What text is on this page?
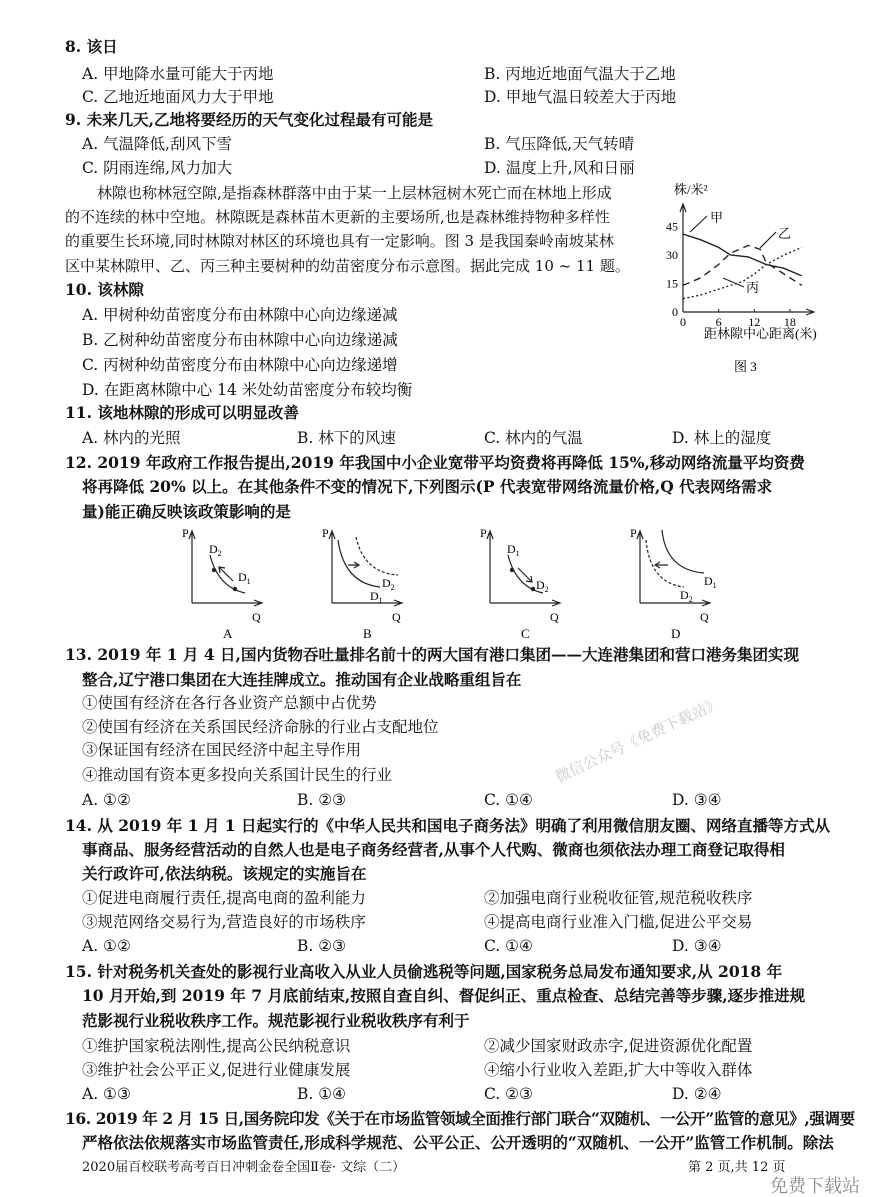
8. 该日
A. 甲地降水量可能大于丙地	B. 丙地近地面气温大于乙地
C. 乙地近地面风力大于甲地	D. 甲地气温日较差大于丙地
9. 未来几天,乙地将要经历的天气变化过程最有可能是
A. 气温降低,刮风下雪	B. 气压降低,天气转晴
C. 阴雨连绵,风力加大	D. 温度上升,风和日丽
林隙也称林冠空隙,是指森林群落中由于某一上层林冠树木死亡而在林地上形成
的不连续的林中空地。林隙既是森林苗木更新的主要场所,也是森林维持物种多样性
的重要生长环境,同时林隙对林区的环境也具有一定影响。图 3 是我国秦岭南坡某林
区中某林隙甲、乙、丙三种主要树种的幼苗密度分布示意图。据此完成 10 ~ 11 题。
株/米²
0
15
30
45
0 6 12 18
甲
乙
丙
距林隙中心距离(米)
图 3
10. 该林隙
A. 甲树种幼苗密度分布由林隙中心向边缘递减
B. 乙树种幼苗密度分布由林隙中心向边缘递减
C. 丙树种幼苗密度分布由林隙中心向边缘递增
D. 在距离林隙中心 14 米处幼苗密度分布较均衡
11. 该地林隙的形成可以明显改善
A. 林内的光照	B. 林下的风速	C. 林内的气温	D. 林上的湿度
12. 2019 年政府工作报告提出,2019 年我国中小企业宽带平均资费将再降低 15%,移动网络流量平均资费
将再降低 20% 以上。在其他条件不变的情况下,下列图示(P 代表宽带网络流量价格,Q 代表网络需求
量)能正确反映该政策影响的是
P
Q
A
$D_2$
$D_1$
P
Q
B
$D_2$
$D_1$
P
Q
C
$D_1$
$D_2$
P
Q
D
$D_1$
$D_2$
13. 2019 年 1 月 4 日,国内货物吞吐量排名前十的两大国有港口集团——大连港集团和营口港务集团实现
整合,辽宁港口集团在大连挂牌成立。推动国有企业战略重组旨在
①使国有经济在各行各业资产总额中占优势
②使国有经济在关系国民经济命脉的行业占支配地位
③保证国有经济在国民经济中起主导作用
④推动国有资本更多投向关系国计民生的行业
A. ①②	B. ②③	C. ①④	D. ③④
14. 从 2019 年 1 月 1 日起实行的《中华人民共和国电子商务法》明确了利用微信朋友圈、网络直播等方式从
事商品、服务经营活动的自然人也是电子商务经营者,从事个人代购、微商也须依法办理工商登记取得相
关行政许可,依法纳税。该规定的实施旨在
①促进电商履行责任,提高电商的盈利能力	②加强电商行业税收征管,规范税收秩序
③规范网络交易行为,营造良好的市场秩序	④提高电商行业准入门槛,促进公平交易
A. ①②	B. ②③	C. ①④	D. ③④
15. 针对税务机关查处的影视行业高收入从业人员偷逃税等问题,国家税务总局发布通知要求,从 2018 年
10 月开始,到 2019 年 7 月底前结束,按照自查自纠、督促纠正、重点检查、总结完善等步骤,逐步推进规
范影视行业税收秩序工作。规范影视行业税收秩序有利于
①维护国家税法刚性,提高公民纳税意识	②减少国家财政赤字,促进资源优化配置
③维护社会公平正义,促进行业健康发展	④缩小行业收入差距,扩大中等收入群体
A. ①③	B. ①④	C. ②③	D. ②④
16. 2019 年 2 月 15 日,国务院印发《关于在市场监管领域全面推行部门联合“双随机、一公开”监管的意见》,强调要
严格依法依规落实市场监管责任,形成科学规范、公平公正、公开透明的“双随机、一公开”监管工作机制。除法
微信公众号《免费下载站》
2020届百校联考高考百日冲刺金卷全国Ⅱ卷· 文综（二）	第 2 页,共 12 页
免费下载站
